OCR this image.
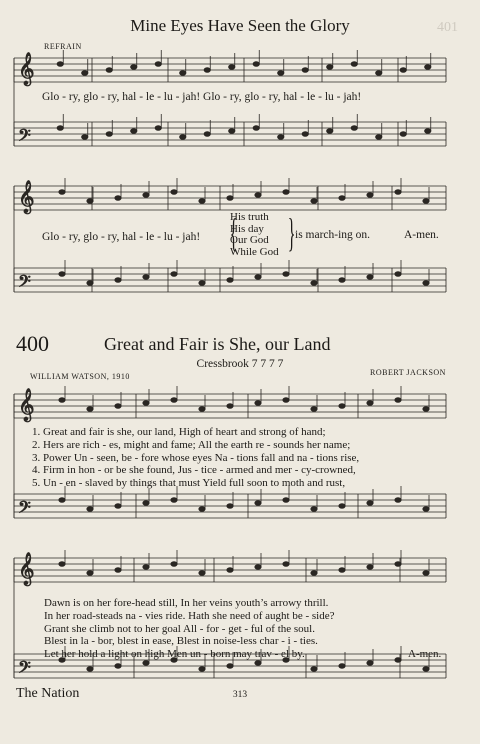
𝄞
𝄢
𝄞
𝄢
𝄞
𝄢
𝄞
𝄢
401
Mine Eyes Have Seen the Glory
REFRAIN
Glo - ry, glo - ry, hal - le - lu - jah! Glo - ry, glo - ry, hal - le - lu - jah!
Glo - ry, glo - ry, hal - le - lu - jah!
His truth
His day
Our God
While God
{ } is march-ing on.	A-men.
400	Great and Fair is She, our Land
Cressbrook 7 7 7 7
WILLIAM WATSON, 1910	ROBERT JACKSON
1. Great and fair is she, our land, High of heart and strong of hand;
2. Hers are rich - es, might and fame; All the earth re - sounds her name;
3. Power Un - seen, be - fore whose eyes Na - tions fall and na - tions rise,
4. Firm in hon - or be she found, Jus - tice - armed and mer - cy-crowned,
5. Un - en - slaved by things that must Yield full soon to moth and rust,
Dawn is on her fore-head still, In her veins youth’s arrowy thrill.
In her road-steads na - vies ride. Hath she need of aught be - side?
Grant she climb not to her goal All - for - get - ful of the soul.
Blest in la - bor, blest in ease, Blest in noise-less char - i - ties.
Let her hold a light on high Men un - born may trav - el by.	A-men.
The Nation	313
